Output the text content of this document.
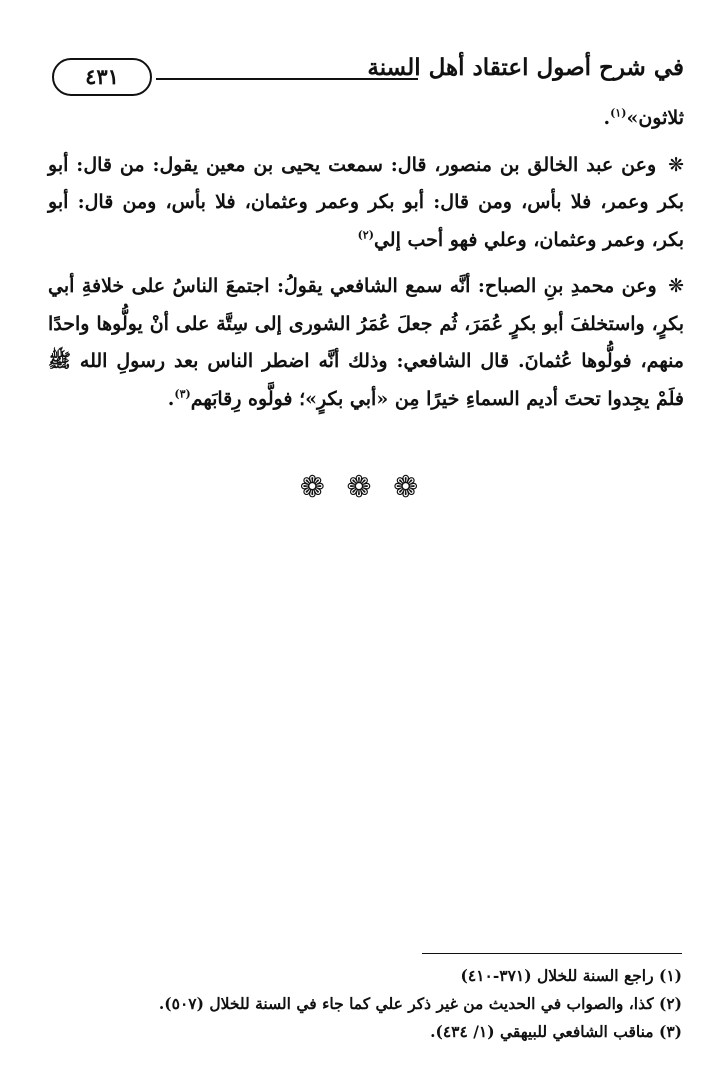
في شرح أصول اعتقاد أهل السنة
٤٣١

ثلاثون»$^{(١)}$.

❋ وعن عبد الخالق بن منصور، قال: سمعت يحيى بن معين يقول: من قال: أبو بكر وعمر، فلا بأس، ومن قال: أبو بكر وعمر وعثمان، فلا بأس، ومن قال: أبو بكر، وعمر وعثمان، وعلي فهو أحب إلي$^{(٢)}$

❋ وعن محمدِ بنِ الصباح: أنَّه سمع الشافعي يقولُ: اجتمعَ الناسُ على خلافةِ أبي بكرٍ، واستخلفَ أبو بكرٍ عُمَرَ، ثُم جعلَ عُمَرُ الشورى إلى سِتَّة على أنْ يولُّوها واحدًا منهم، فولُّوها عُثمانَ. قال الشافعي: وذلك أنَّه اضطر الناس بعد رسولِ الله ﷺ فلَمْ يجِدوا تحتَ أديم السماءِ خيرًا مِن «أبي بكرٍ»؛ فولَّوه رِقابَهم$^{(٣)}$.

❁ ❁ ❁

(١) راجع السنة للخلال (٣٧١-٤١٠)

(٢) كذا، والصواب في الحديث من غير ذكر علي كما جاء في السنة للخلال (٥٠٧).

(٣) مناقب الشافعي للبيهقي (١/ ٤٣٤).
